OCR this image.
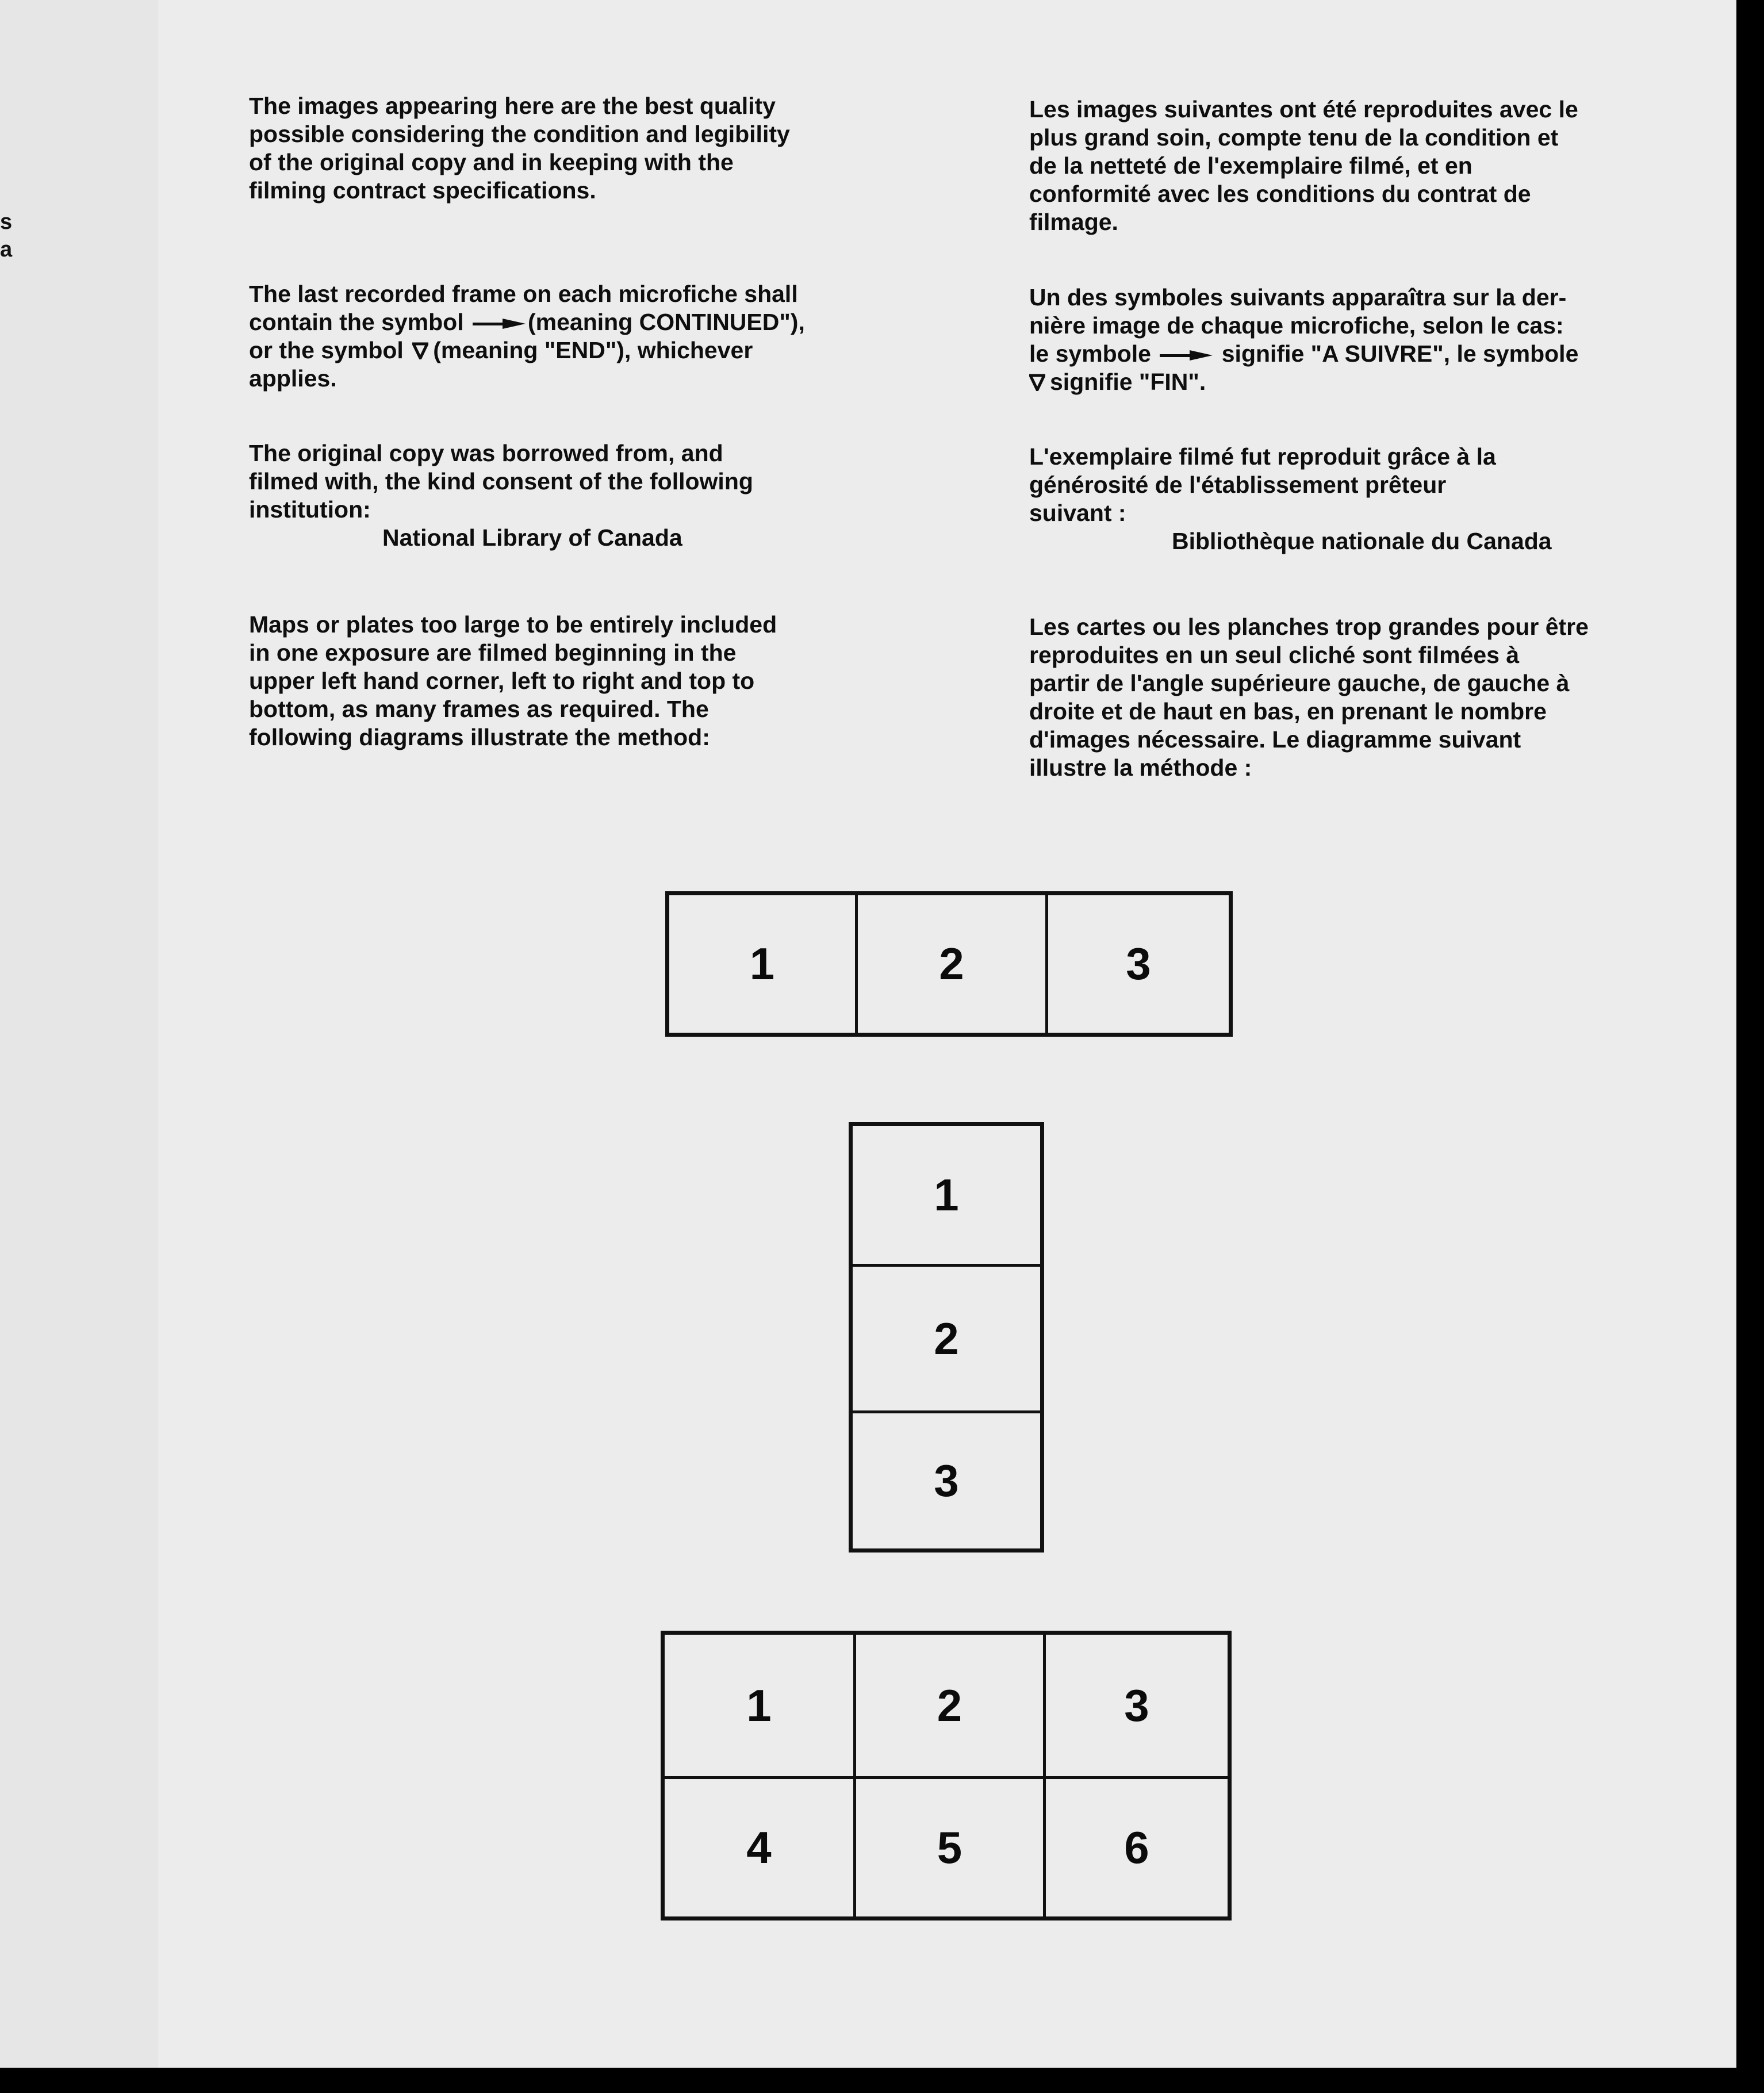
s
a

The images appearing here are the best quality
possible considering the condition and legibility
of the original copy and in keeping with the
filming contract specifications.

The last recorded frame on each microfiche shall
contain the symbol	(meaning CONTINUED"),
or the symbol (meaning "END"), whichever
applies.

The original copy was borrowed from, and
filmed with, the kind consent of the following
institution:
National Library of Canada

Maps or plates too large to be entirely included
in one exposure are filmed beginning in the
upper left hand corner, left to right and top to
bottom, as many frames as required. The
following diagrams illustrate the method:

Les images suivantes ont été reproduites avec le
plus grand soin, compte tenu de la condition et
de la netteté de l'exemplaire filmé, et en
conformité avec les conditions du contrat de
filmage.

Un des symboles suivants apparaîtra sur la der-
nière image de chaque microfiche, selon le cas:
le symbole	signifie "A SUIVRE", le symbole
signifie "FIN".

L'exemplaire filmé fut reproduit grâce à la
générosité de l'établissement prêteur
suivant :
Bibliothèque nationale du Canada

Les cartes ou les planches trop grandes pour être
reproduites en un seul cliché sont filmées à
partir de l'angle supérieure gauche, de gauche à
droite et de haut en bas, en prenant le nombre
d'images nécessaire. Le diagramme suivant
illustre la méthode :

1	2	3
1
2
3
1	2	3
4	5	6
